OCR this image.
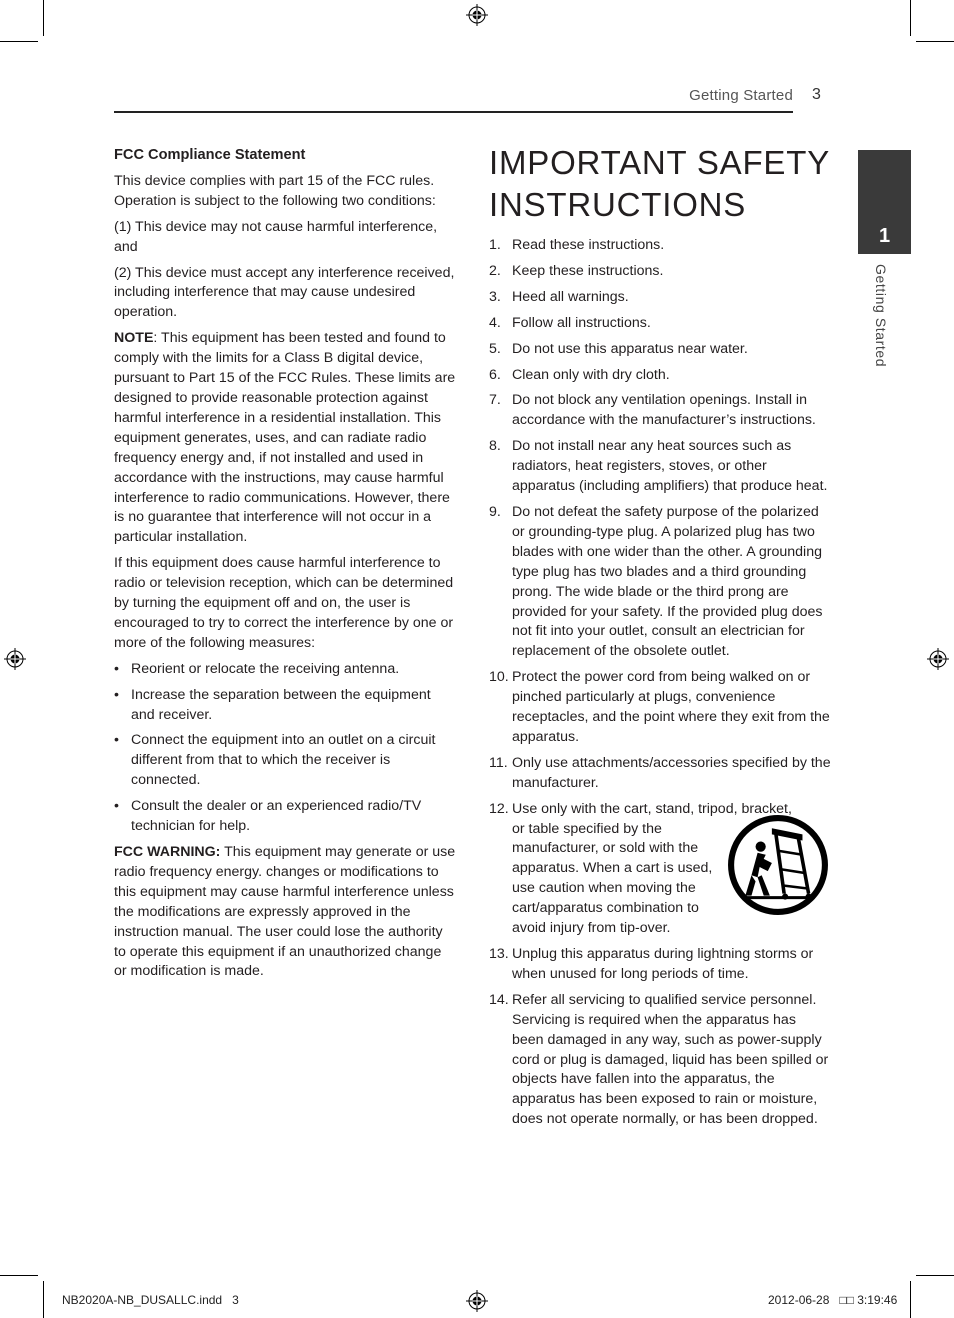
Getting Started 3
1
Getting Started
FCC Compliance Statement

This device complies with part 15 of the FCC rules. Operation is subject to the following two conditions:

(1) This device may not cause harmful interference, and

(2) This device must accept any interference received, including interference that may cause undesired operation.

NOTE: This equipment has been tested and found to comply with the limits for a Class B digital device, pursuant to Part 15 of the FCC Rules. These limits are designed to provide reasonable protection against harmful interference in a residential installation. This equipment generates, uses, and can radiate radio frequency energy and, if not installed and used in accordance with the instructions, may cause harmful interference to radio communications. However, there is no guarantee that interference will not occur in a particular installation.

If this equipment does cause harmful interference to radio or television reception, which can be determined by turning the equipment off and on, the user is encouraged to try to correct the interference by one or more of the following measures:

• Reorient or relocate the receiving antenna.
• Increase the separation between the equipment and receiver.
• Connect the equipment into an outlet on a circuit different from that to which the receiver is connected.
• Consult the dealer or an experienced radio/TV technician for help.

FCC WARNING: This equipment may generate or use radio frequency energy. changes or modifications to this equipment may cause harmful interference unless the modifications are expressly approved in the instruction manual. The user could lose the authority to operate this equipment if an unauthorized change or modification is made.

IMPORTANT SAFETY INSTRUCTIONS
1. Read these instructions.
2. Keep these instructions.
3. Heed all warnings.
4. Follow all instructions.
5. Do not use this apparatus near water.
6. Clean only with dry cloth.
7. Do not block any ventilation openings. Install in accordance with the manufacturer’s instructions.
8. Do not install near any heat sources such as radiators, heat registers, stoves, or other apparatus (including amplifiers) that produce heat.
9. Do not defeat the safety purpose of the polarized or grounding-type plug. A polarized plug has two blades with one wider than the other. A grounding type plug has two blades and a third grounding prong. The wide blade or the third prong are provided for your safety. If the provided plug does not fit into your outlet, consult an electrician for replacement of the obsolete outlet.
10. Protect the power cord from being walked on or pinched particularly at plugs, convenience receptacles, and the point where they exit from the apparatus.
11. Only use attachments/accessories specified by the manufacturer.
12. Use only with the cart, stand, tripod, bracket,
or table specified by the manufacturer, or sold with the apparatus. When a cart is used, use caution when moving the cart/apparatus combination to avoid injury from tip-over.
13. Unplug this apparatus during lightning storms or when unused for long periods of time.
14. Refer all servicing to qualified service personnel. Servicing is required when the apparatus has been damaged in any way, such as power-supply cord or plug is damaged, liquid has been spilled or objects have fallen into the apparatus, the apparatus has been exposed to rain or moisture, does not operate normally, or has been dropped.
NB2020A-NB_DUSALLC.indd   3	2012-06-28   □□ 3:19:46
